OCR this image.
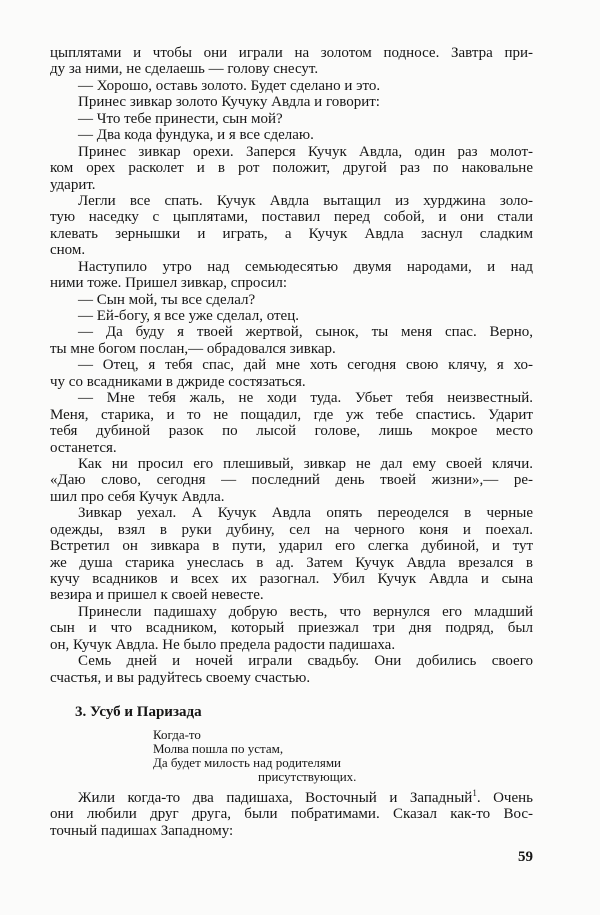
цыплятами и чтобы они играли на золотом подносе. Завтра при-
ду за ними, не сделаешь — голову снесут.
— Хорошо, оставь золото. Будет сделано и это.
Принес зивкар золото Кучуку Авдла и говорит:
— Что тебе принести, сын мой?
— Два кода фундука, и я все сделаю.
Принес зивкар орехи. Заперся Кучук Авдла, один раз молот-
ком орех расколет и в рот положит, другой раз по наковальне
ударит.
Легли все спать. Кучук Авдла вытащил из хурджина золо-
тую наседку с цыплятами, поставил перед собой, и они стали
клевать зернышки и играть, а Кучук Авдла заснул сладким
сном.
Наступило утро над семьюдесятью двумя народами, и над
ними тоже. Пришел зивкар, спросил:
— Сын мой, ты все сделал?
— Ей-богу, я все уже сделал, отец.
— Да буду я твоей жертвой, сынок, ты меня спас. Верно,
ты мне богом послан,— обрадовался зивкар.
— Отец, я тебя спас, дай мне хоть сегодня свою клячу, я хо-
чу со всадниками в джриде состязаться.
— Мне тебя жаль, не ходи туда. Убьет тебя неизвестный.
Меня, старика, и то не пощадил, где уж тебе спастись. Ударит
тебя дубиной разок по лысой голове, лишь мокрое место
останется.
Как ни просил его плешивый, зивкар не дал ему своей клячи.
«Даю слово, сегодня — последний день твоей жизни»,— ре-
шил про себя Кучук Авдла.
Зивкар уехал. А Кучук Авдла опять переоделся в черные
одежды, взял в руки дубину, сел на черного коня и поехал.
Встретил он зивкара в пути, ударил его слегка дубиной, и тут
же душа старика унеслась в ад. Затем Кучук Авдла врезался в
кучу всадников и всех их разогнал. Убил Кучук Авдла и сына
везира и пришел к своей невесте.
Принесли падишаху добрую весть, что вернулся его младший
сын и что всадником, который приезжал три дня подряд, был
он, Кучук Авдла. Не было предела радости падишаха.
Семь дней и ночей играли свадьбу. Они добились своего
счастья, и вы радуйтесь своему счастью.
3. Усуб и Паризада
Когда-то
Молва пошла по устам,
Да будет милость над родителями
присутствующих.
Жили когда-то два падишаха, Восточный и Западный$^1$. Очень
они любили друг друга, были побратимами. Сказал как-то Вос-
точный падишах Западному:
59
